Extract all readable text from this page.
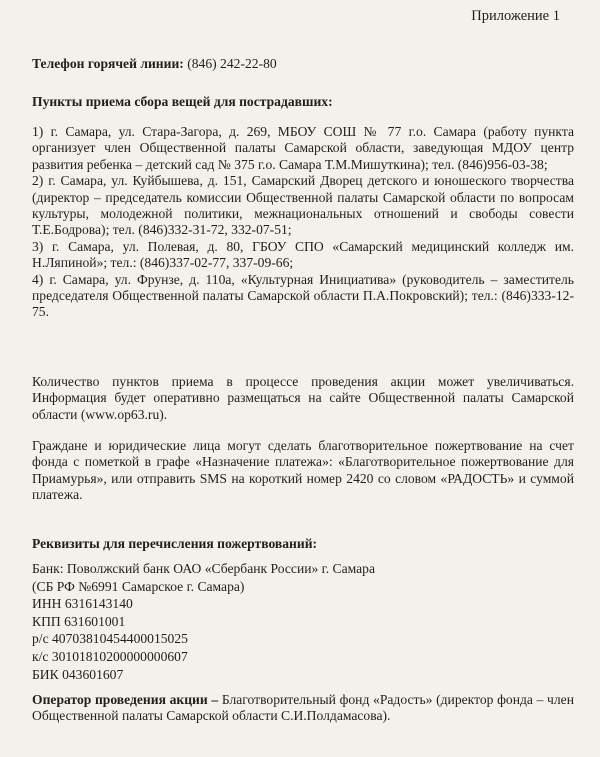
Приложение 1
Телефон горячей линии: (846) 242-22-80
Пункты приема сбора вещей для пострадавших:

1) г. Самара, ул. Стара-Загора, д. 269, МБОУ СОШ № 77 г.о. Самара (работу пункта организует член Общественной палаты Самарской области, заведующая МДОУ центр развития ребенка – детский сад № 375 г.о. Самара Т.М.Мишуткина); тел. (846)956-03-38;

2) г. Самара, ул. Куйбышева, д. 151, Самарский Дворец детского и юношеского творчества (директор – председатель комиссии Общественной палаты Самарской области по вопросам культуры, молодежной политики, межнациональных отношений и свободы совести Т.Е.Бодрова); тел. (846)332-31-72, 332-07-51;

3) г. Самара, ул. Полевая, д. 80, ГБОУ СПО «Самарский медицинский колледж им. Н.Ляпиной»; тел.: (846)337-02-77, 337-09-66;

4) г. Самара, ул. Фрунзе, д. 110а, «Культурная Инициатива» (руководитель – заместитель председателя Общественной палаты Самарской области П.А.Покровский); тел.: (846)333-12-75.

Количество пунктов приема в процессе проведения акции может увеличиваться. Информация будет оперативно размещаться на сайте Общественной палаты Самарской области (www.op63.ru).
Граждане и юридические лица могут сделать благотворительное пожертвование на счет фонда с пометкой в графе «Назначение платежа»: «Благотворительное пожертвование для Приамурья», или отправить SMS на короткий номер 2420 со словом «РАДОСТЬ» и суммой платежа.
Реквизиты для перечисления пожертвований:
Банк: Поволжский банк ОАО «Сбербанк России» г. Самара
(СБ РФ №6991 Самарское г. Самара)
ИНН 6316143140
КПП 631601001
р/с 40703810454400015025
к/с 30101810200000000607
БИК 043601607
Оператор проведения акции – Благотворительный фонд «Радость» (директор фонда – член Общественной палаты Самарской области С.И.Полдамасова).
